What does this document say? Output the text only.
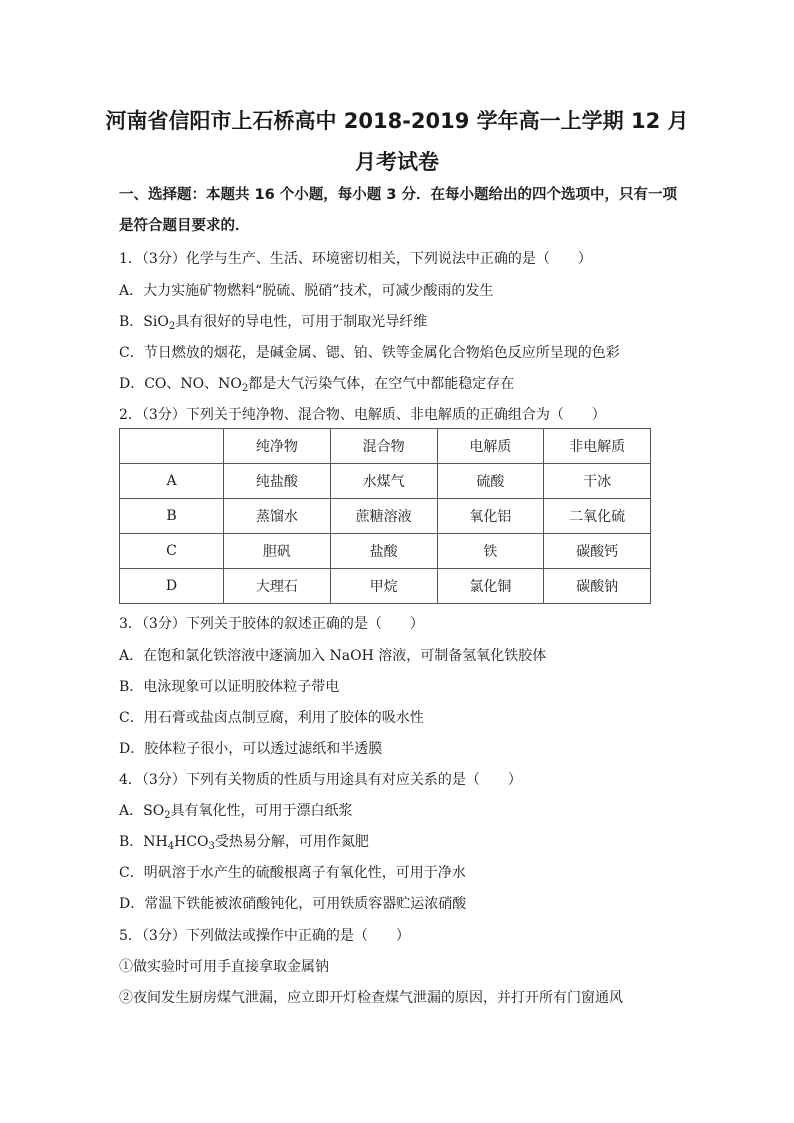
河南省信阳市上石桥高中 2018-2019 学年高一上学期 12 月
月考试卷
一、选择题：本题共 16 个小题，每小题 3 分．在每小题给出的四个选项中，只有一项是符合题目要求的．
1．（3分）化学与生产、生活、环境密切相关，下列说法中正确的是（　　）
A．大力实施矿物燃料“脱硫、脱硝”技术，可减少酸雨的发生
B．SiO$_2$具有很好的导电性，可用于制取光导纤维
C．节日燃放的烟花，是碱金属、锶、铂、铁等金属化合物焰色反应所呈现的色彩
D．CO、NO、$NO_2$都是大气污染气体，在空气中都能稳定存在
2．（3分）下列关于纯净物、混合物、电解质、非电解质的正确组合为（　　）
	纯净物	混合物	电解质	非电解质
A	纯盐酸	水煤气	硫酸	干冰
B	蒸馏水	蔗糖溶液	氧化铝	二氧化硫
C	胆矾	盐酸	铁	碳酸钙
D	大理石	甲烷	氯化铜	碳酸钠
3．（3分）下列关于胶体的叙述正确的是（　　）
A．在饱和氯化铁溶液中逐滴加入 NaOH 溶液，可制备氢氧化铁胶体
B．电泳现象可以证明胶体粒子带电
C．用石膏或盐卤点制豆腐，利用了胶体的吸水性
D．胶体粒子很小，可以透过滤纸和半透膜
4．（3分）下列有关物质的性质与用途具有对应关系的是（　　）
A．$SO_2$具有氧化性，可用于漂白纸浆
B．$NH_4HCO_3$受热易分解，可用作氮肥
C．明矾溶于水产生的硫酸根离子有氧化性，可用于净水
D．常温下铁能被浓硝酸钝化，可用铁质容器贮运浓硝酸
5．（3分）下列做法或操作中正确的是（　　）
①做实验时可用手直接拿取金属钠
②夜间发生厨房煤气泄漏，应立即开灯检查煤气泄漏的原因，并打开所有门窗通风
